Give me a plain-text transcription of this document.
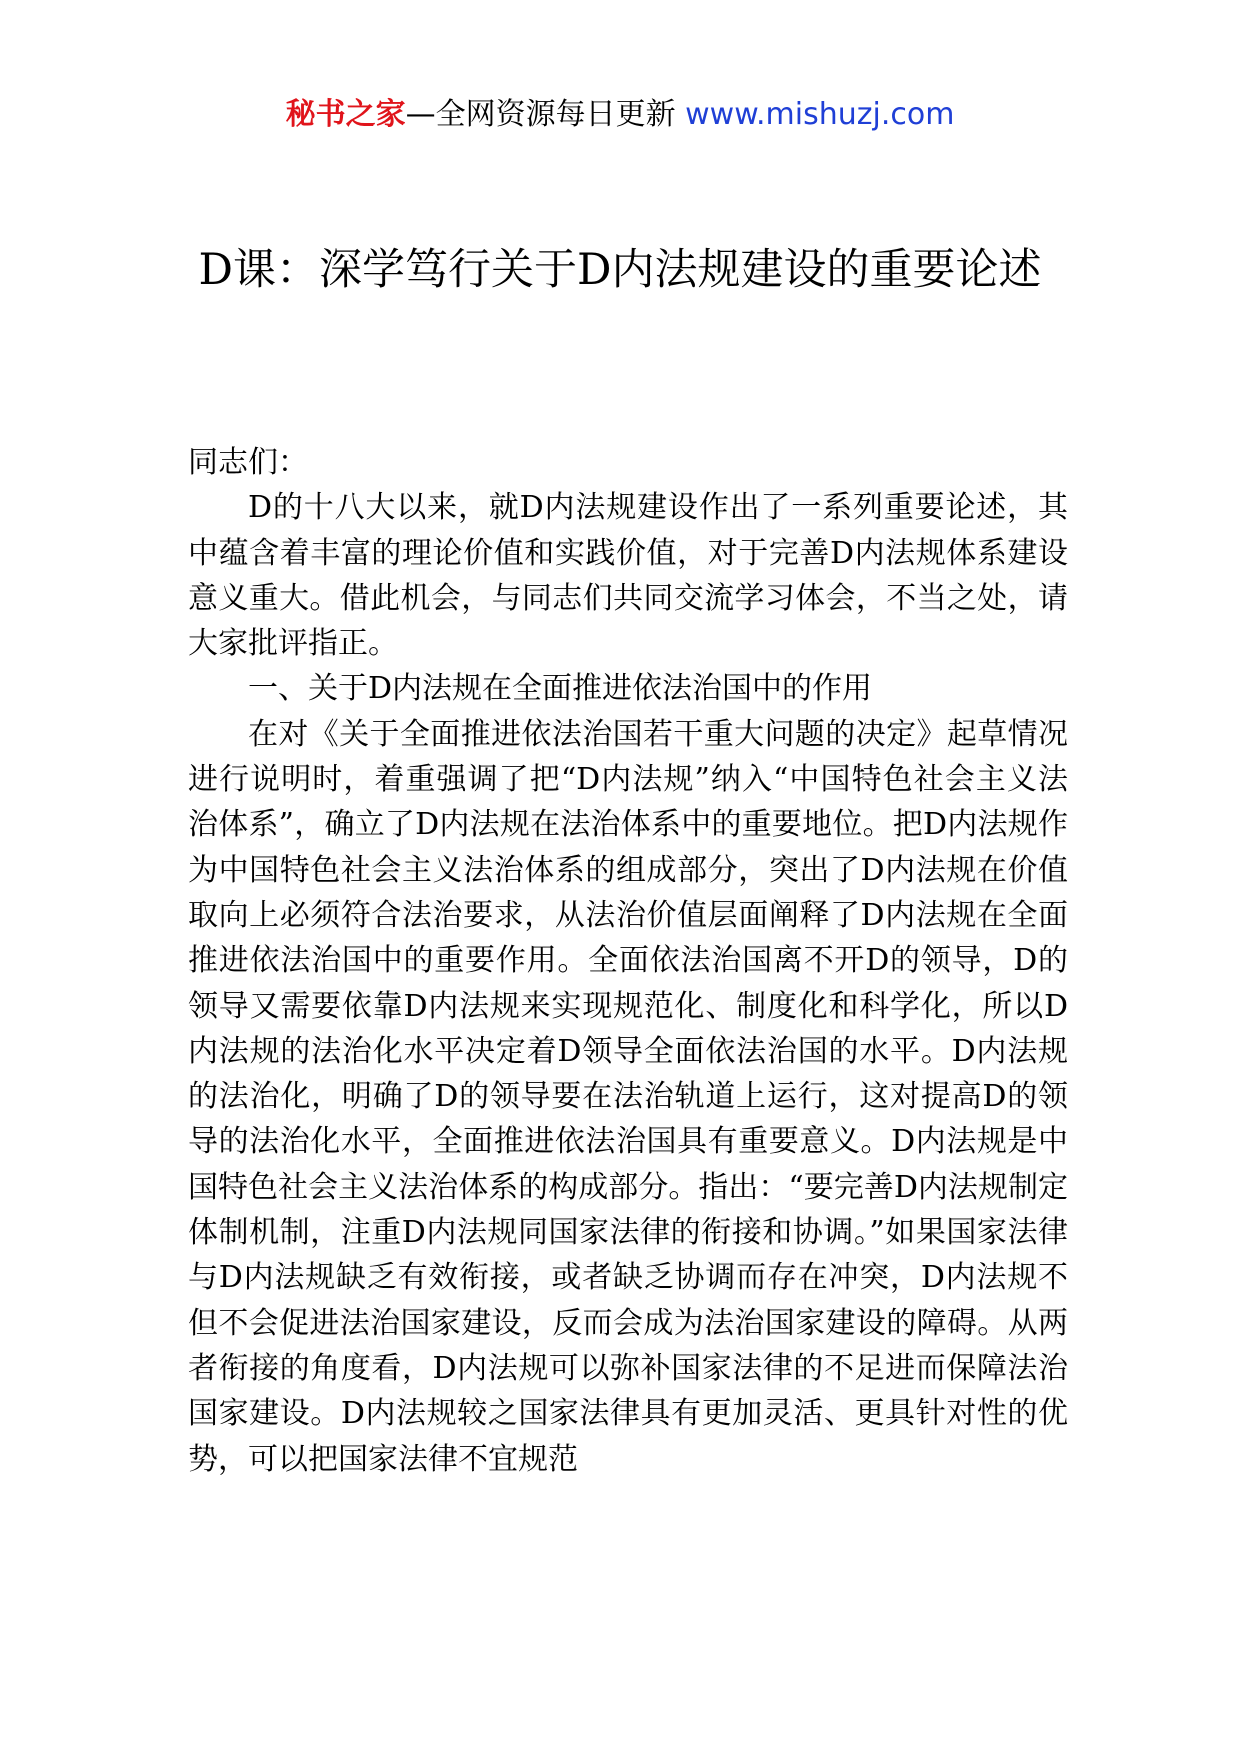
秘书之家—全网资源每日更新 www.mishuzj.com
D课：深学笃行关于D内法规建设的重要论述

同志们：

D的十八大以来，就D内法规建设作出了一系列重要论述，其中蕴含着丰富的理论价值和实践价值，对于完善D内法规体系建设意义重大。借此机会，与同志们共同交流学习体会，不当之处，请大家批评指正。

一、关于D内法规在全面推进依法治国中的作用

在对《关于全面推进依法治国若干重大问题的决定》起草情况进行说明时，着重强调了把“D内法规”纳入“中国特色社会主义法治体系”，确立了D内法规在法治体系中的重要地位。把D内法规作为中国特色社会主义法治体系的组成部分，突出了D内法规在价值取向上必须符合法治要求，从法治价值层面阐释了D内法规在全面推进依法治国中的重要作用。全面依法治国离不开D的领导，D的领导又需要依靠D内法规来实现规范化、制度化和科学化，所以D内法规的法治化水平决定着D领导全面依法治国的水平。D内法规的法治化，明确了D的领导要在法治轨道上运行，这对提高D的领导的法治化水平，全面推进依法治国具有重要意义。D内法规是中国特色社会主义法治体系的构成部分。指出：“要完善D内法规制定体制机制，注重D内法规同国家法律的衔接和协调。”如果国家法律与D内法规缺乏有效衔接，或者缺乏协调而存在冲突，D内法规不但不会促进法治国家建设，反而会成为法治国家建设的障碍。从两者衔接的角度看，D内法规可以弥补国家法律的不足进而保障法治国家建设。D内法规较之国家法律具有更加灵活、更具针对性的优势，可以把国家法律不宜规范
